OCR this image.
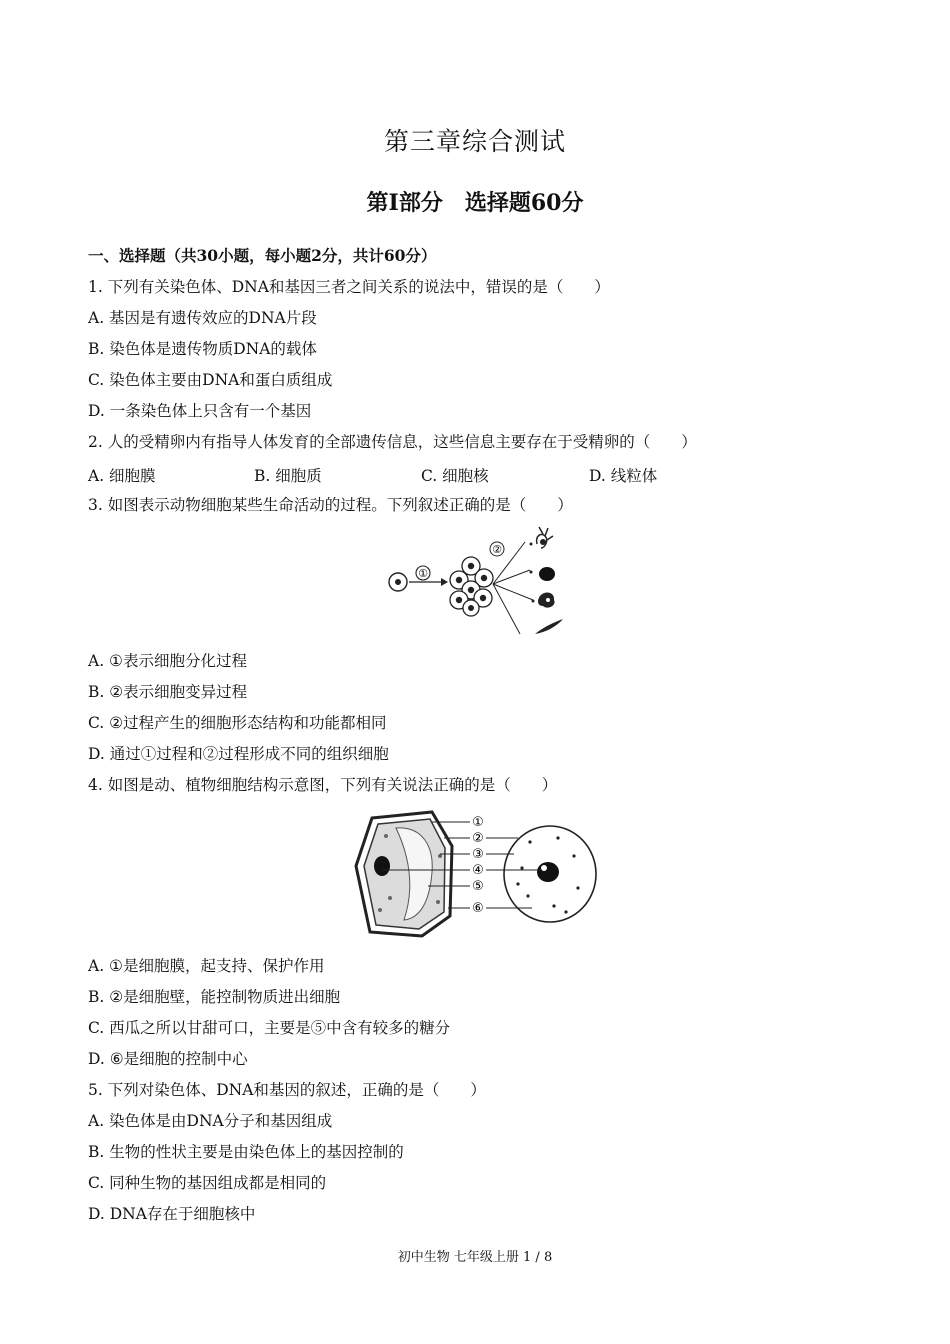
第三章综合测试
第Ⅰ部分　选择题60分
一、选择题（共30小题，每小题2分，共计60分）
1. 下列有关染色体、DNA和基因三者之间关系的说法中，错误的是（　　）
A. 基因是有遗传效应的DNA片段
B. 染色体是遗传物质DNA的载体
C. 染色体主要由DNA和蛋白质组成
D. 一条染色体上只含有一个基因
2. 人的受精卵内有指导人体发育的全部遗传信息，这些信息主要存在于受精卵的（　　）
A. 细胞膜	B. 细胞质	C. 细胞核	D. 线粒体
3. 如图表示动物细胞某些生命活动的过程。下列叙述正确的是（　　）
①
②
A. ①表示细胞分化过程
B. ②表示细胞变异过程
C. ②过程产生的细胞形态结构和功能都相同
D. 通过①过程和②过程形成不同的组织细胞
4. 如图是动、植物细胞结构示意图，下列有关说法正确的是（　　）
①
②
③
④
⑤
⑥
A. ①是细胞膜，起支持、保护作用
B. ②是细胞壁，能控制物质进出细胞
C. 西瓜之所以甘甜可口，主要是⑤中含有较多的糖分
D. ⑥是细胞的控制中心
5. 下列对染色体、DNA和基因的叙述，正确的是（　　）
A. 染色体是由DNA分子和基因组成
B. 生物的性状主要是由染色体上的基因控制的
C. 同种生物的基因组成都是相同的
D. DNA存在于细胞核中
初中生物 七年级上册 1 / 8
